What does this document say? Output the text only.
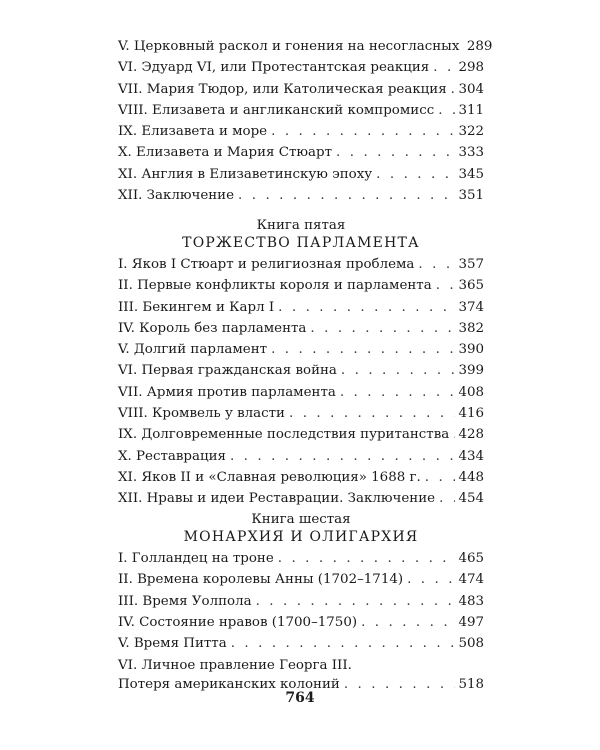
V. Церковный раскол и гонения на несогласных 289
VI. Эдуард VI, или Протестантская реакция . . . 298
VII. Мария Тюдор, или Католическая реакция . . . 304
VIII. Елизавета и англиканский компромисс . . . 311
IX. Елизавета и море . . .	322
X. Елизавета и Мария Стюарт . . .	333
XI. Англия в Елизаветинскую эпоху . . .	345
XII. Заключение . . .	351
Книга пятая
ТОРЖЕСТВО ПАРЛАМЕНТА
I. Яков I Стюарт и религиозная проблема . . .	357
II. Первые конфликты короля и парламента . . . 365
III. Бекингем и Карл I . . .	374
IV. Король без парламента . . .	382
V. Долгий парламент . . .	390
VI. Первая гражданская война . . .	399
VII. Армия против парламента . . .	408
VIII. Кромвель у власти . . .	416
IX. Долговременные последствия пуританства . . . 428
X. Реставрация . . .	434
XI. Яков II и «Славная революция» 1688 г. . . .	448
XII. Нравы и идеи Реставрации. Заключение . . . 454
Книга шестая
МОНАРХИЯ И ОЛИГАРХИЯ
I. Голландец на троне . . .	465
II. Времена королевы Анны (1702–1714) . . .	474
III. Время Уолпола . . .	483
IV. Состояние нравов (1700–1750) . . .	497
V. Время Питта . . .	508
VI. Личное правление Георга III.
Потеря американских колоний . . .	518
764
